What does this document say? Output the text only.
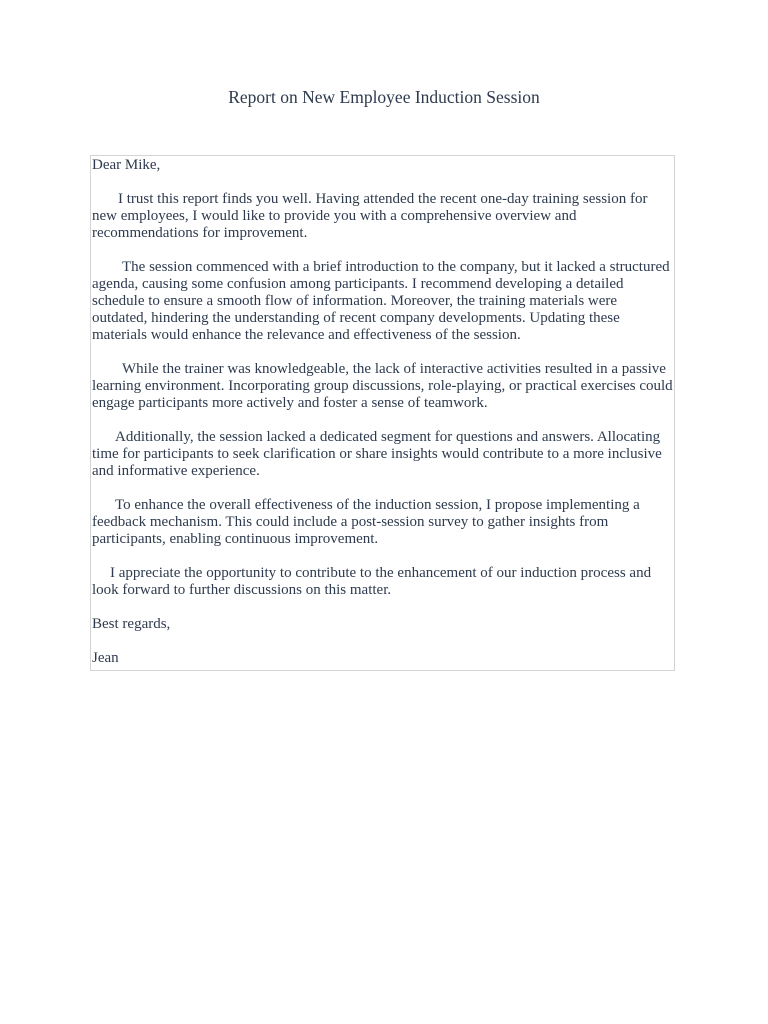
Report on New Employee Induction Session

Dear Mike,

I trust this report finds you well. Having attended the recent one-day training session for new employees, I would like to provide you with a comprehensive overview and recommendations for improvement.

The session commenced with a brief introduction to the company, but it lacked a structured agenda, causing some confusion among participants. I recommend developing a detailed schedule to ensure a smooth flow of information. Moreover, the training materials were outdated, hindering the understanding of recent company developments. Updating these materials would enhance the relevance and effectiveness of the session.

While the trainer was knowledgeable, the lack of interactive activities resulted in a passive learning environment. Incorporating group discussions, role-playing, or practical exercises could engage participants more actively and foster a sense of teamwork.

Additionally, the session lacked a dedicated segment for questions and answers. Allocating time for participants to seek clarification or share insights would contribute to a more inclusive and informative experience.

To enhance the overall effectiveness of the induction session, I propose implementing a feedback mechanism. This could include a post-session survey to gather insights from participants, enabling continuous improvement.

I appreciate the opportunity to contribute to the enhancement of our induction process and look forward to further discussions on this matter.

Best regards,

Jean
